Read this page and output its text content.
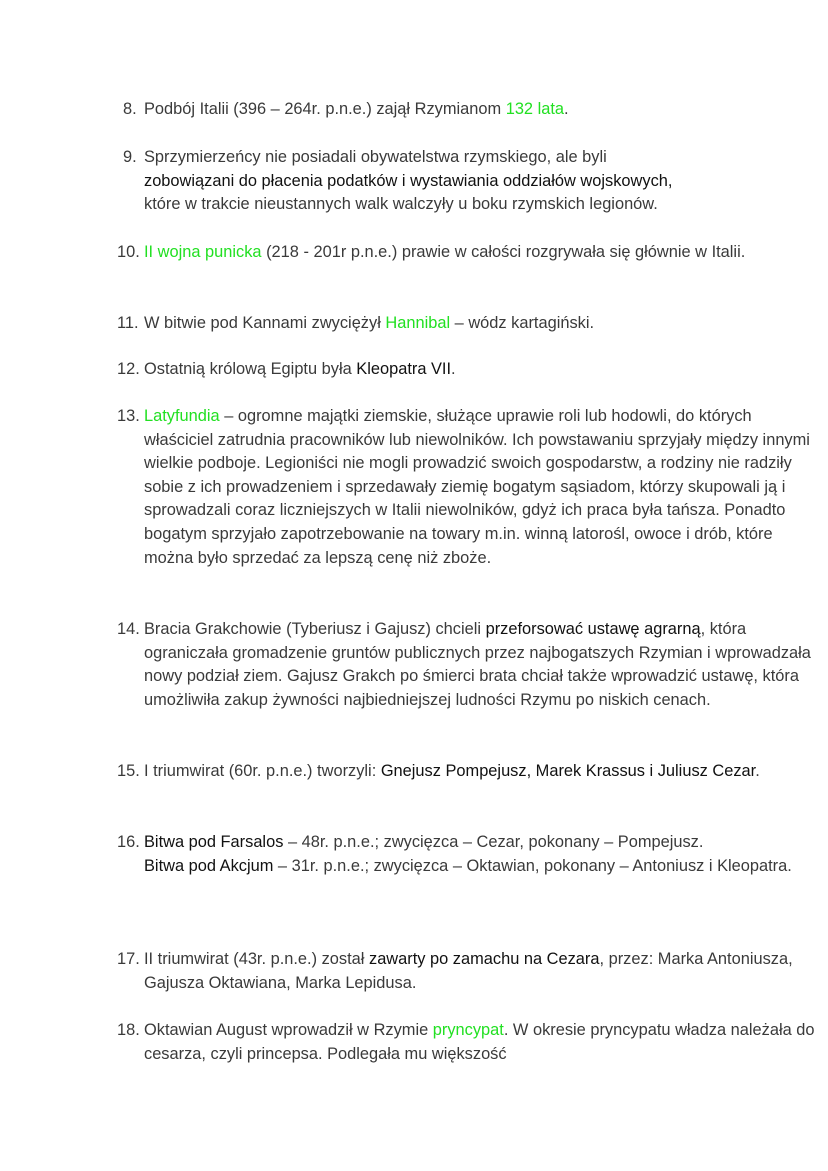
8. Podbój Italii (396 – 264r. p.n.e.) zajął Rzymianom 132 lata.
9. Sprzymierzeńcy nie posiadali obywatelstwa rzymskiego, ale byli
zobowiązani do płacenia podatków i wystawiania oddziałów wojskowych,
które w trakcie nieustannych walk walczyły u boku rzymskich legionów.
10. II wojna punicka (218 - 201r p.n.e.) prawie w całości rozgrywała się głównie w Italii.
11. W bitwie pod Kannami zwyciężył Hannibal – wódz kartagiński.
12. Ostatnią królową Egiptu była Kleopatra VII.
13. Latyfundia – ogromne majątki ziemskie, służące uprawie roli lub hodowli, do których właściciel zatrudnia pracowników lub niewolników. Ich powstawaniu sprzyjały między innymi wielkie podboje. Legioniści nie mogli prowadzić swoich gospodarstw, a rodziny nie radziły sobie z ich prowadzeniem i sprzedawały ziemię bogatym sąsiadom, którzy skupowali ją i sprowadzali coraz liczniejszych w Italii niewolników, gdyż ich praca była tańsza. Ponadto bogatym sprzyjało zapotrzebowanie na towary m.in. winną latorośl, owoce i drób, które można było sprzedać za lepszą cenę niż zboże.
14. Bracia Grakchowie (Tyberiusz i Gajusz) chcieli przeforsować ustawę agrarną, która ograniczała gromadzenie gruntów publicznych przez najbogatszych Rzymian i wprowadzała nowy podział ziem. Gajusz Grakch po śmierci brata chciał także wprowadzić ustawę, która umożliwiła zakup żywności najbiedniejszej ludności Rzymu po niskich cenach.
15. I triumwirat (60r. p.n.e.) tworzyli: Gnejusz Pompejusz, Marek Krassus i Juliusz Cezar.
16. Bitwa pod Farsalos – 48r. p.n.e.; zwycięzca – Cezar, pokonany – Pompejusz.
Bitwa pod Akcjum – 31r. p.n.e.; zwycięzca – Oktawian, pokonany – Antoniusz i Kleopatra.
17. II triumwirat (43r. p.n.e.) został zawarty po zamachu na Cezara, przez: Marka Antoniusza, Gajusza Oktawiana, Marka Lepidusa.
18. Oktawian August wprowadził w Rzymie pryncypat. W okresie pryncypatu władza należała do cesarza, czyli princepsa. Podlegała mu większość
